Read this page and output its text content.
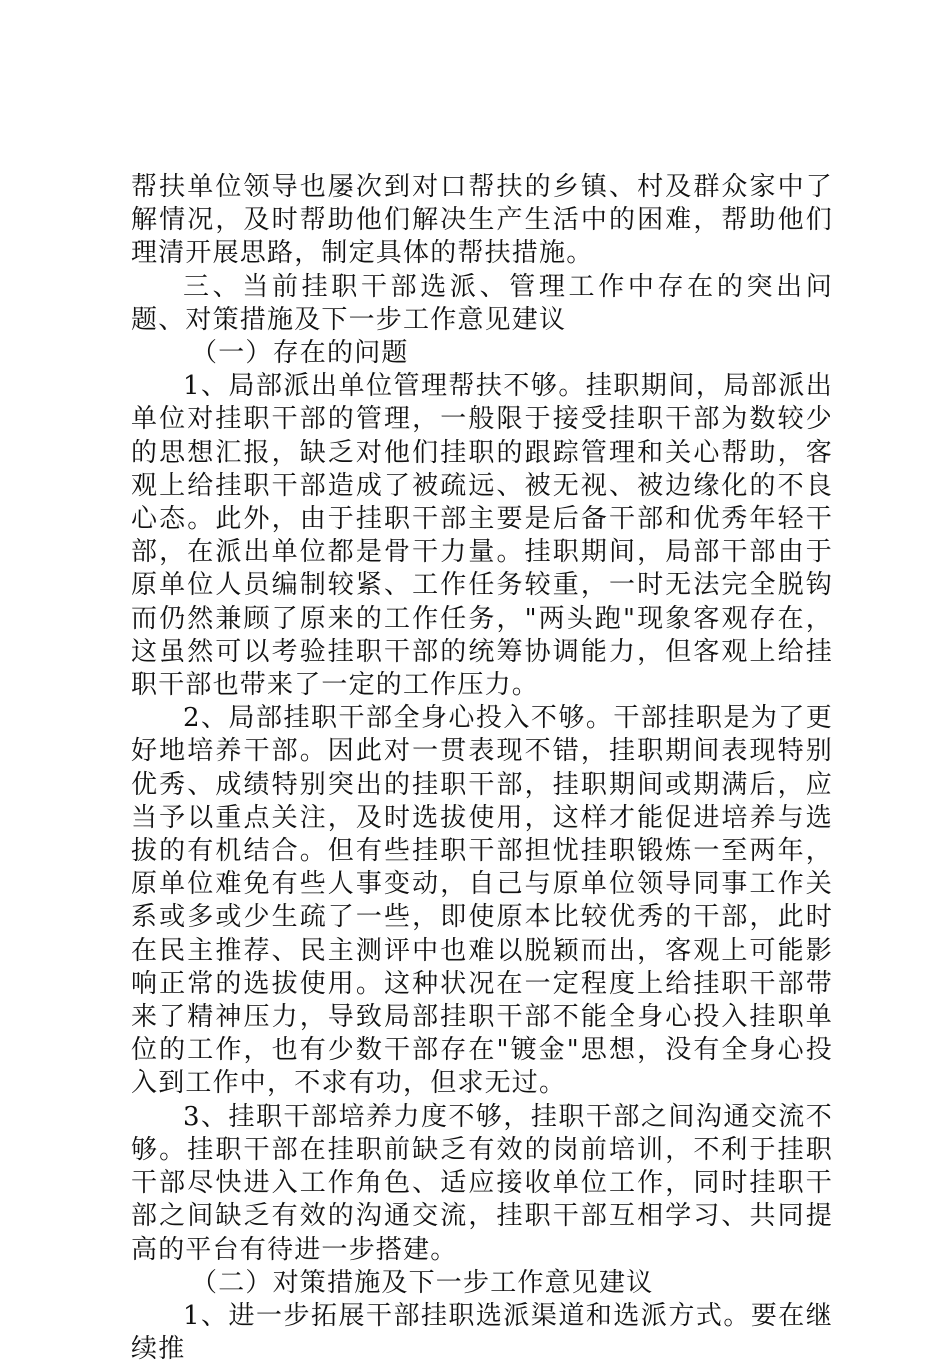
帮扶单位领导也屡次到对口帮扶的乡镇、村及群众家中了解情况，及时帮助他们解决生产生活中的困难，帮助他们理清开展思路，制定具体的帮扶措施。

三、当前挂职干部选派、管理工作中存在的突出问题、对策措施及下一步工作意见建议

（一）存在的问题

1、局部派出单位管理帮扶不够。挂职期间，局部派出单位对挂职干部的管理，一般限于接受挂职干部为数较少的思想汇报，缺乏对他们挂职的跟踪管理和关心帮助，客观上给挂职干部造成了被疏远、被无视、被边缘化的不良心态。此外，由于挂职干部主要是后备干部和优秀年轻干部，在派出单位都是骨干力量。挂职期间，局部干部由于原单位人员编制较紧、工作任务较重，一时无法完全脱钩而仍然兼顾了原来的工作任务，"两头跑"现象客观存在，这虽然可以考验挂职干部的统筹协调能力，但客观上给挂职干部也带来了一定的工作压力。

2、局部挂职干部全身心投入不够。干部挂职是为了更好地培养干部。因此对一贯表现不错，挂职期间表现特别优秀、成绩特别突出的挂职干部，挂职期间或期满后，应当予以重点关注，及时选拔使用，这样才能促进培养与选拔的有机结合。但有些挂职干部担忧挂职锻炼一至两年，原单位难免有些人事变动，自己与原单位领导同事工作关系或多或少生疏了一些，即使原本比较优秀的干部，此时在民主推荐、民主测评中也难以脱颖而出，客观上可能影响正常的选拔使用。这种状况在一定程度上给挂职干部带来了精神压力，导致局部挂职干部不能全身心投入挂职单位的工作，也有少数干部存在"镀金"思想，没有全身心投入到工作中，不求有功，但求无过。

3、挂职干部培养力度不够，挂职干部之间沟通交流不够。挂职干部在挂职前缺乏有效的岗前培训，不利于挂职干部尽快进入工作角色、适应接收单位工作，同时挂职干部之间缺乏有效的沟通交流，挂职干部互相学习、共同提高的平台有待进一步搭建。

（二）对策措施及下一步工作意见建议

1、进一步拓展干部挂职选派渠道和选派方式。要在继续推
